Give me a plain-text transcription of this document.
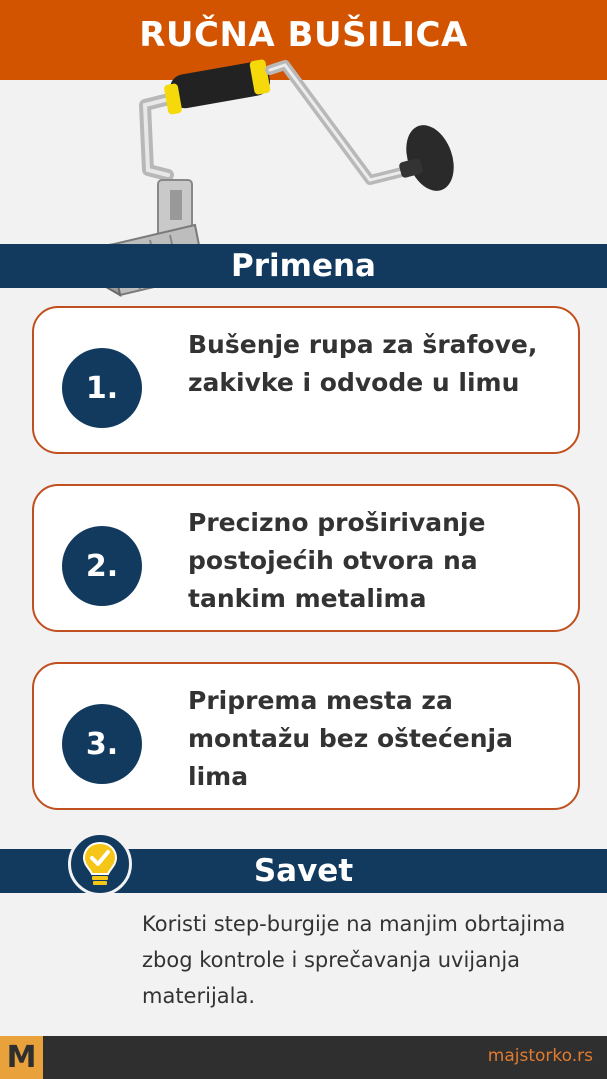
RUČNA BUŠILICA
Primena
1.
Bušenje rupa za šrafove, zakivke i odvode u limu
2.
Precizno proširivanje postojećih otvora na tankim metalima
3.
Priprema mesta za montažu bez oštećenja lima
Savet
Koristi step-burgije na manjim obrtajima zbog kontrole i sprečavanja uvijanja materijala.
M	majstorko.rs
